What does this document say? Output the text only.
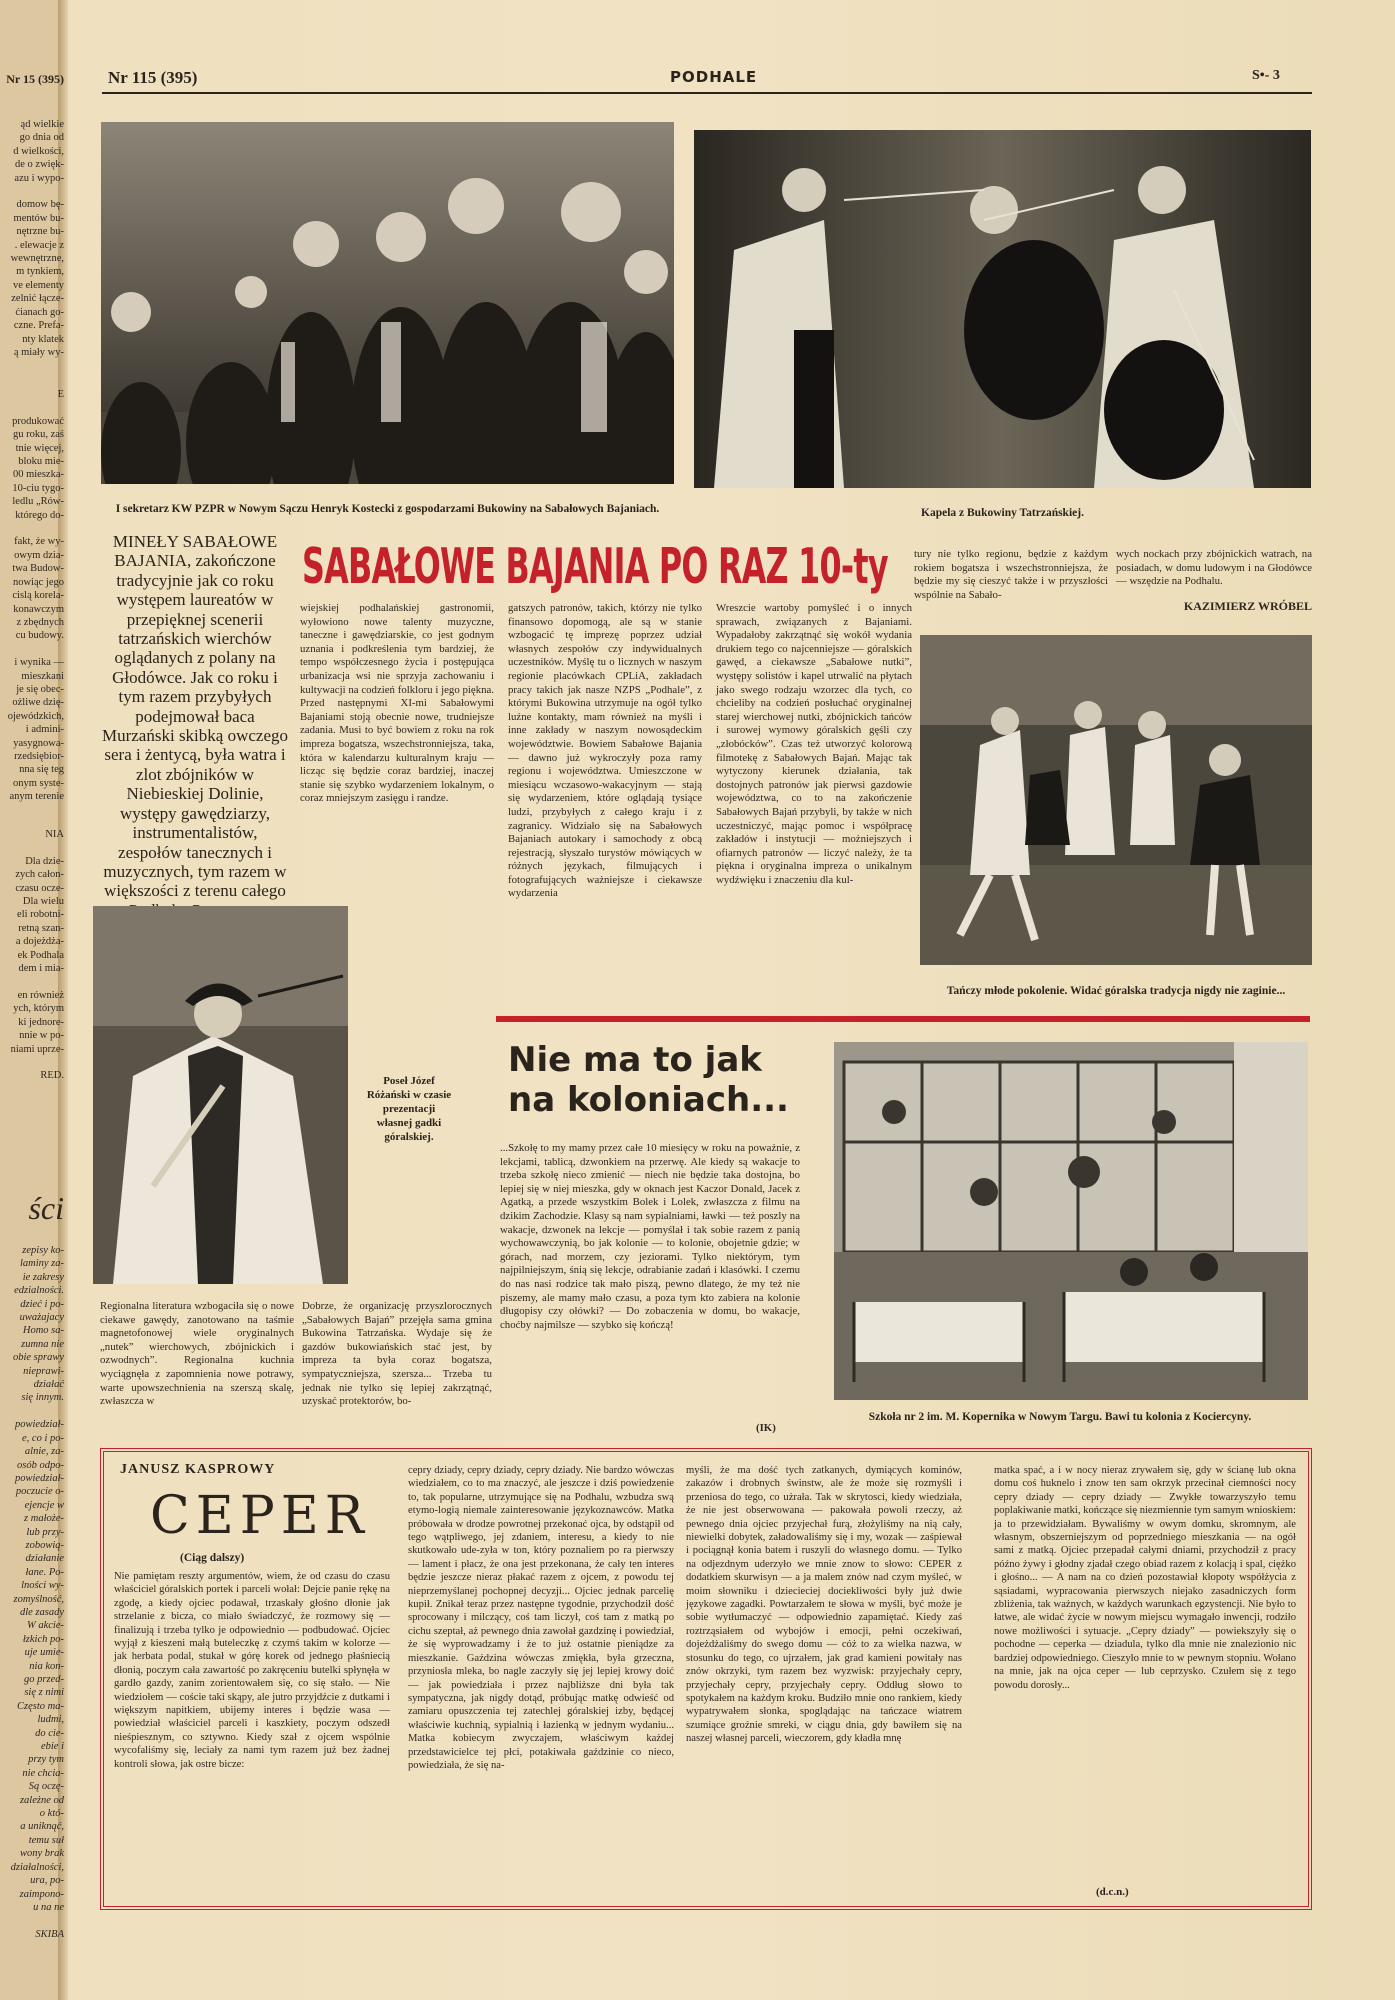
Nr 15 (395)
ąd wielkie
go dnia od
d wielkości,
de o zwięk-
azu i wypo-

domow bę-
mentów bu-
nętrzne bu-
. elewacje z
wewnętrzne,
m tynkiem,
ve elementy
zelnić łącze-
ćianach go-
czne. Prefa-
nty klatek
ą miały wy-
E

produkować
gu roku, zaś
tnie więcej,
bloku mie-
00 mieszka-
10-ciu tygo-
ledlu „Rów-
którego do-

fakt, że wy-
owym dzia-
twa Budow-
nowiąc jego
cislą korela-
konawczym
z zbędnych
cu budowy.

i wynika —
mieszkani
je się obec-
ożliwe dzię-
ojewódzkich,
i admini-
yasygnowa-
rzedsiębior-
nna się teg
onym syste-
anym terenie
NIA

Dla dzie-
zych całon-
czasu ocze-
Dla wielu
eli robotni-
retną szan-
a dojeżdża-
ek Podhala
dem i mia-

en również
ych, którym
ki jednore-
nnie w po-
niami uprze-

RED.
ści
zepisy ko-
laminy za-
ie zakresy
edzialności.
dzieć i po-
uważajacy
Homo sa-
zumna nie
obie sprawy
nieprawi-
działać
się innym.

powiedział-
e, co i po-
alnie, za-
osób odpo-
powiedział-
poczucie o-
ejencje w
z małoże-
lub przy-
zobowią-
działanie
łane. Po-
lności wy-
zomyślność,
dle zasady
W akcie-
łzkich po-
uje umie-
nia kon-
go przed-
się z nimi
Często ma-
ludmi,
do cie-
ebie i
przy tym
nie chcia-
Są oczę-
zależne od
o któ-
a uniknąć,
temu suł
wony brak
działalności,
ura, po-
zaimpono-
u na ne

SKIBA
Nr 115 (395)	PODHALE	S•- 3
I sekretarz KW PZPR w Nowym Sączu Henryk Kostecki z gospodarzami Bukowiny na Sabałowych Bajaniach.	Kapela z Bukowiny Tatrzańskiej.
MINEŁY SABAŁOWE BAJANIA, zakończone tradycyjnie jak co roku występem laureatów w przepięknej scenerii tatrzańskich wierchów oglądanych z polany na Głodówce. Jak co roku i tym razem przybyłych podejmował baca Murzański skibką owczego sera i żentycą, była watra i zlot zbójników w Niebieskiej Dolinie, występy gawędziarzy, instrumentalistów, zespołów tanecznych i muzycznych, tym razem w większości z terenu całego
SABAŁOWE BAJANIA PO RAZ 10-ty
wiejskiej podhalańskiej gastronomii, wyłowiono nowe talenty muzyczne, taneczne i gawędziarskie, co jest godnym uznania i podkreślenia tym bardziej, że tempo współczesnego życia i postępująca urbanizacja wsi nie sprzyja zachowaniu i kultywacji na codzień folkloru i jego piękna. Przed następnymi XI-mi Sabałowymi Bajaniami stoją obecnie nowe, trudniejsze zadania. Musi to być bowiem z roku na rok impreza bogatsza, wszechstronniejsza, taka, która w kalendarzu kulturalnym kraju — licząc się będzie coraz bardziej, inaczej stanie się szybko wydarzeniem lokalnym, o coraz mniejszym zasięgu i randze.
gatszych patronów, takich, którzy nie tylko finansowo dopomogą, ale są w stanie wzbogacić tę imprezę poprzez udział własnych zespołów czy indywidualnych uczestników. Myślę tu o licznych w naszym regionie placówkach CPLiA, zakładach pracy takich jak nasze NZPS „Podhale”, z którymi Bukowina utrzymuje na ogół tylko luźne kontakty, mam również na myśli i inne zakłady w naszym nowosądeckim województwie. Bowiem Sabałowe Bajania — dawno już wykroczyły poza ramy regionu i województwa. Umieszczone w miesiącu wczasowo-wakacyjnym — stają się wydarzeniem, które oglądają tysiące ludzi, przybyłych z całego kraju i z zagranicy. Widziało się na Sabałowych Bajaniach autokary i samochody z obcą rejestracją, słyszało turystów mówiących w różnych językach, filmujących i fotografujących ważniejsze i ciekawsze wydarzenia
Wreszcie wartoby pomyśleć i o innych sprawach, związanych z Bajaniami. Wypadałoby zakrzątnąć się wokół wydania drukiem tego co najcenniejsze — góralskich gawęd, a ciekawsze „Sabałowe nutki”, występy solistów i kapel utrwalić na płytach jako swego rodzaju wzorzec dla tych, co chcieliby na codzień posłuchać oryginalnej starej wierchowej nutki, zbójnickich tańców i surowej wymowy góralskich gęśli czy „złobócków”. Czas też utworzyć kolorową filmotekę z Sabałowych Bajań. Mając tak wytyczony kierunek działania, tak dostojnych patronów jak pierwsi gazdowie województwa, co to na zakończenie Sabałowych Bajań przybyli, by także w nich uczestniczyć, mając pomoc i współpracę zakładów i instytucji — możniejszych i ofiarnych patronów — liczyć należy, że ta piękna i oryginalna impreza o unikalnym wydźwięku i znaczeniu dla kul-
tury nie tylko regionu, będzie z każdym rokiem bogatsza i wszechstronniejsza, że będzie my się cieszyć także i w przyszłości wspólnie na Sabało-
wych nockach przy zbójnickich watrach, na posiadach, w domu ludowym i na Głodówce — wszędzie na Podhalu.
KAZIMIERZ WRÓBEL
Tańczy młode pokolenie. Widać góralska tradycja nigdy nie zaginie...
Poseł Józef Różański w czasie prezentacji własnej gadki góralskiej.
Regionalna literatura wzbogaciła się o nowe ciekawe gawędy, zanotowano na taśmie magnetofonowej wiele oryginalnych „nutek” wierchowych, zbójnickich i ozwodnych”. Regionalna kuchnia wyciągnęła z zapomnienia nowe potrawy, warte upowszechnienia na szerszą skalę, zwłaszcza w
Dobrze, że organizację przyszlorocznych „Sabałowych Bajań” przejęła sama gmina Bukowina Tatrzańska. Wydaje się że gazdów bukowiańskich stać jest, by impreza ta była coraz bogatsza, sympatyczniejsza, szersza... Trzeba tu jednak nie tylko się lepiej zakrzątnąć, uzyskać protektorów, bo-
Nie ma to jak na koloniach...
...Szkołę to my mamy przez całe 10 miesięcy w roku na poważnie, z lekcjami, tablicą, dzwonkiem na przerwę. Ale kiedy są wakacje to trzeba szkołę nieco zmienić — niech nie będzie taka dostojna, bo lepiej się w niej mieszka, gdy w oknach jest Kaczor Donald, Jacek z Agatką, a przede wszystkim Bolek i Lolek, zwłaszcza z filmu na dzikim Zachodzie. Klasy są nam sypialniami, ławki — też poszly na wakacje, dzwonek na lekcje — pomyślał i tak sobie razem z panią wychowawczynią, bo jak kolonie — to kolonie, obojetnie gdzie; w górach, nad morzem, czy jeziorami. Tylko niektórym, tym najpilniejszym, śnią się lekcje, odrabianie zadań i klasówki. I czemu do nas nasi rodzice tak mało piszą, pewno dlatego, że my też nie piszemy, ale mamy mało czasu, a poza tym kto zabiera na kolonie długopisy czy ołówki? — Do zobaczenia w domu, bo wakacje, choćby najmilsze — szybko się kończą!
(IK)
Szkoła nr 2 im. M. Kopernika w Nowym Targu. Bawi tu kolonia z Kociercyny.
JANUSZ KASPROWY
CEPER
(Ciąg dalszy)
Nie pamiętam reszty argumentów, wiem, że od czasu do czasu właściciel góralskich portek i parceli wołał: Dejcie panie rękę na zgodę, a kiedy ojciec podawał, trzaskały głośno dłonie jak strzelanie z bicza, co miało świadczyć, że rozmowy się — finalizują i trzeba tylko je odpowiednio — podbudować. Ojciec wyjął z kieszeni małą buteleczkę z czymś takim w kolorze — jak herbata podal, stukał w górę korek od jednego płaśniecią dłonią, poczym cała zawartość po zakręceniu butelki spłynęła w gardło gazdy, zanim zorientowałem się, co się stało. — Nie wiedziołem — coście taki skąpy, ale jutro przyjdźcie z dutkami i większym napitkiem, ubijemy interes i będzie wasa — powiedział właściciel parceli i kaszkiety, poczym odszedł nieśpiesznym, co sztywno. Kiedy szał z ojcem wspólnie wycofaliśmy się, leciały za nami tym razem już bez żadnej kontroli słowa, jak ostre bicze:
cepry dziady, cepry dziady, cepry dziady. Nie bardzo wówczas wiedziałem, co to ma znaczyć, ale jeszcze i dziś powiedzenie to, tak popularne, utrzymujące się na Podhalu, wzbudza swą etymo-logią niemale zainteresowanie językoznawców. Matka próbowała w drodze powrotnej przekonać ojca, by odstąpił od tego wątpliwego, jej zdaniem, interesu, a kiedy to nie skutkowało ude-zyła w ton, który poznaliem po ra pierwszy — lament i płacz, że ona jest przekonana, że cały ten interes będzie jeszcze nieraz płakać razem z ojcem, z powodu tej nieprzemyślanej pochopnej decyzji... Ojciec jednak parcelię kupił. Znikał teraz przez następne tygodnie, przychodził dość sprocowany i milczący, coś tam liczył, coś tam z matką po cichu szeptał, aż pewnego dnia zawołał gazdzinę i powiedział, że się wyprowadzamy i że to już ostatnie pieniądze za mieszkanie. Gaździna wówczas zmiękła, była grzeczna, przyniosła mleka, bo nagle zaczyły się jej lepiej krowy doić — jak powiedziała i przez najbliższe dni była tak sympatyczna, jak nigdy dotąd, próbując matkę odwieść od zamiaru opuszczenia tej zatechlej góralskiej izby, będącej właściwie kuchnią, sypialnią i łazienką w jednym wydaniu... Matka kobiecym zwyczajem, właściwym każdej przedstawicielce tej płci, potakiwała gaździnie co nieco, powiedziała, że się na-
myśli, że ma dość tych zatkanych, dymiących kominów, zakazów i drobnych świnstw, ale że może się rozmyśli i przeniosa do tego, co użrała. Tak w skrytosci, kiedy wiedziała, że nie jest obserwowana — pakowała powoli rzeczy, aż pewnego dnia ojciec przyjechał furą, złożyliśmy na nią cały, niewielki dobytek, załadowaliśmy się i my, wozak — zaśpiewał i pociągnął konia batem i ruszyli do własnego domu. — Tylko na odjezdnym uderzyło we mnie znow to słowo: CEPER z dodatkiem skurwisyn — a ja malem znów nad czym myśleć, w moim słowniku i dziecieciej dociekliwości były już dwie językowe zagadki. Powtarzałem te słowa w myśli, być może je sobie wytłumaczyć — odpowiednio zapamiętać. Kiedy zaś roztrząsiałem od wybojów i emocji, pełni oczekiwań, dojeżdżaliśmy do swego domu — cóż to za wielka nazwa, w stosunku do tego, co ujrzałem, jak grad kamieni powitały nas znów okrzyki, tym razem bez wyzwisk: przyjechały cepry, przyjechały cepry, przyjechały cepry. Oddług słowo to spotykałem na każdym kroku. Budziło mnie ono rankiem, kiedy wypatrywałem słonka, spoglądając na tańczace wiatrem szumiące groźnie smreki, w ciągu dnia, gdy bawiłem się na naszej własnej parceli, wieczorem, gdy kładła mnę
matka spać, a i w nocy nieraz zrywałem się, gdy w ścianę lub okna domu coś huknelo i znow ten sam okrzyk przecinał ciemności nocy cepry dziady — cepry dziady — Zwykłe towarzyszyło temu poplakiwanie matki, kończące się niezmiennie tym samym wnioskiem: ja to przewidziałam. Bywaliśmy w owym domku, skromnym, ale własnym, obszerniejszym od poprzedniego mieszkania — na ogół sami z matką. Ojciec przepadał całymi dniami, przychodził z pracy późno żywy i głodny zjadał czego obiad razem z kolacją i spal, ciężko i głośno... — A nam na co dzień pozostawiał kłopoty współżycia z sąsiadami, wypracowania pierwszych niejako zasadniczych form zbliżenia, tak ważnych, w każdych warunkach egzystencji. Nie było to łatwe, ale widać życie w nowym miejscu wymagało inwencji, rodziło nowe możliwości i sytuacje. „Cepry dziady” — powiekszyły się o pochodne — ceperka — dziadula, tylko dla mnie nie znalezionio nic bardziej odpowiedniego. Cieszyło mnie to w pewnym stopniu. Wołano na mnie, jak na ojca ceper — lub ceprzysko. Czułem się z tego powodu dorosły...
(d.c.n.)
